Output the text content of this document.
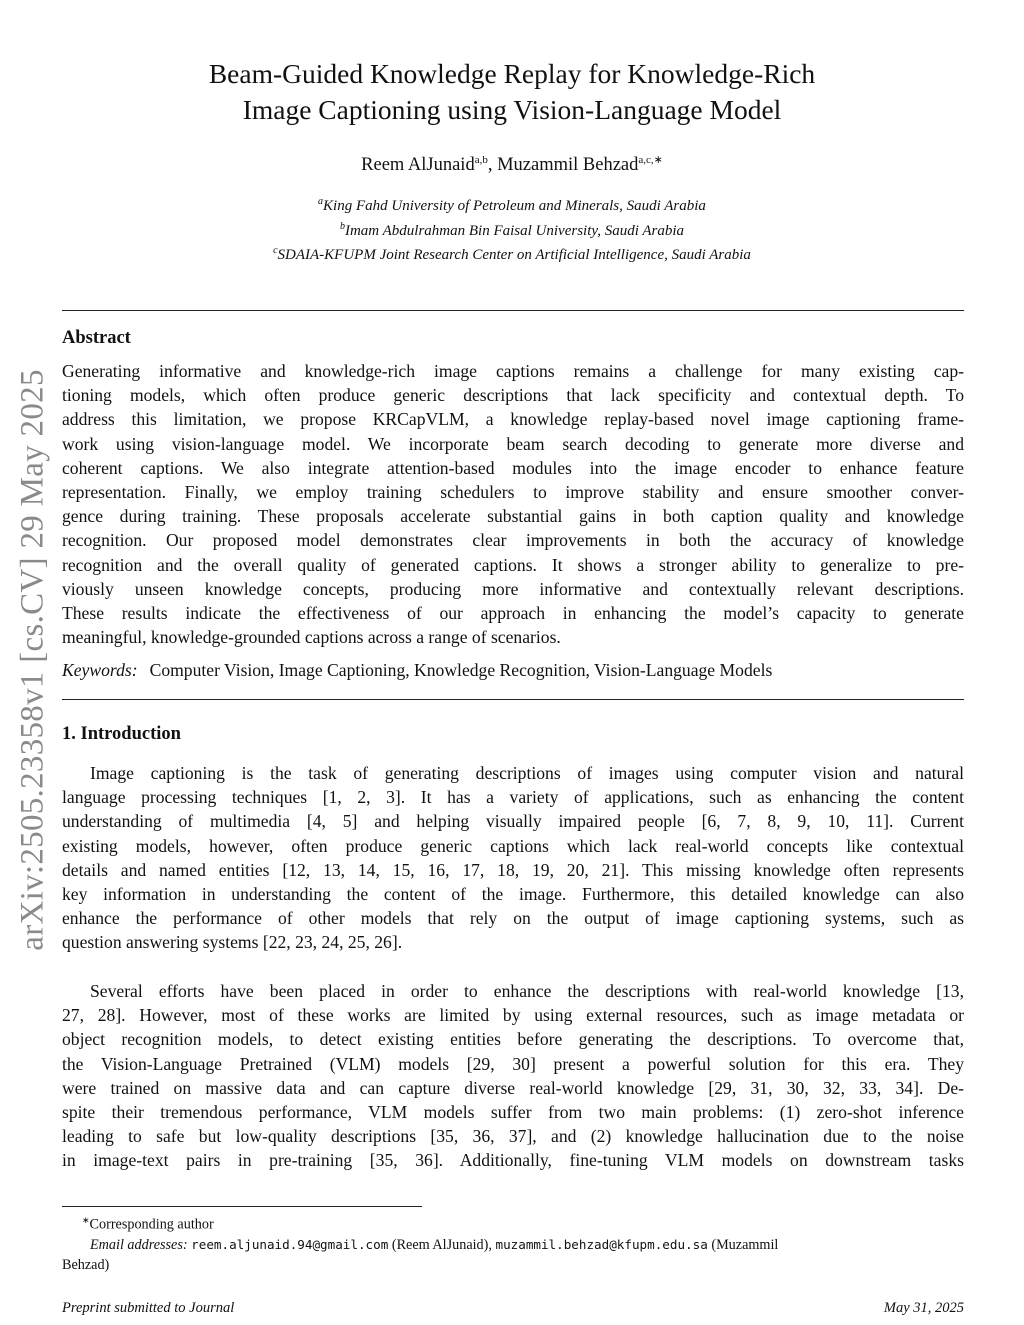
arXiv:2505.23358v1 [cs.CV] 29 May 2025
Beam-Guided Knowledge Replay for Knowledge-Rich
Image Captioning using Vision-Language Model
Reem AlJunaid$^{a,b}$, Muzammil Behzad$^{a,c,∗}$
$^a$King Fahd University of Petroleum and Minerals, Saudi Arabia
$^b$Imam Abdulrahman Bin Faisal University, Saudi Arabia
$^c$SDAIA-KFUPM Joint Research Center on Artificial Intelligence, Saudi Arabia
Abstract
Generating informative and knowledge-rich image captions remains a challenge for many existing cap-
tioning models, which often produce generic descriptions that lack specificity and contextual depth. To
address this limitation, we propose KRCapVLM, a knowledge replay-based novel image captioning frame-
work using vision-language model. We incorporate beam search decoding to generate more diverse and
coherent captions. We also integrate attention-based modules into the image encoder to enhance feature
representation. Finally, we employ training schedulers to improve stability and ensure smoother conver-
gence during training. These proposals accelerate substantial gains in both caption quality and knowledge
recognition. Our proposed model demonstrates clear improvements in both the accuracy of knowledge
recognition and the overall quality of generated captions. It shows a stronger ability to generalize to pre-
viously unseen knowledge concepts, producing more informative and contextually relevant descriptions.
These results indicate the effectiveness of our approach in enhancing the model’s capacity to generate
meaningful, knowledge-grounded captions across a range of scenarios.
Keywords: Computer Vision, Image Captioning, Knowledge Recognition, Vision-Language Models
1. Introduction
Image captioning is the task of generating descriptions of images using computer vision and natural
language processing techniques [1, 2, 3]. It has a variety of applications, such as enhancing the content
understanding of multimedia [4, 5] and helping visually impaired people [6, 7, 8, 9, 10, 11]. Current
existing models, however, often produce generic captions which lack real-world concepts like contextual
details and named entities [12, 13, 14, 15, 16, 17, 18, 19, 20, 21]. This missing knowledge often represents
key information in understanding the content of the image. Furthermore, this detailed knowledge can also
enhance the performance of other models that rely on the output of image captioning systems, such as
question answering systems [22, 23, 24, 25, 26].
Several efforts have been placed in order to enhance the descriptions with real-world knowledge [13,
27, 28]. However, most of these works are limited by using external resources, such as image metadata or
object recognition models, to detect existing entities before generating the descriptions. To overcome that,
the Vision-Language Pretrained (VLM) models [29, 30] present a powerful solution for this era. They
were trained on massive data and can capture diverse real-world knowledge [29, 31, 30, 32, 33, 34]. De-
spite their tremendous performance, VLM models suffer from two main problems: (1) zero-shot inference
leading to safe but low-quality descriptions [35, 36, 37], and (2) knowledge hallucination due to the noise
in image-text pairs in pre-training [35, 36]. Additionally, fine-tuning VLM models on downstream tasks
∗Corresponding author
Email addresses: reem.aljunaid.94@gmail.com (Reem AlJunaid), muzammil.behzad@kfupm.edu.sa (Muzammil
Behzad)
Preprint submitted to Journal	May 31, 2025
